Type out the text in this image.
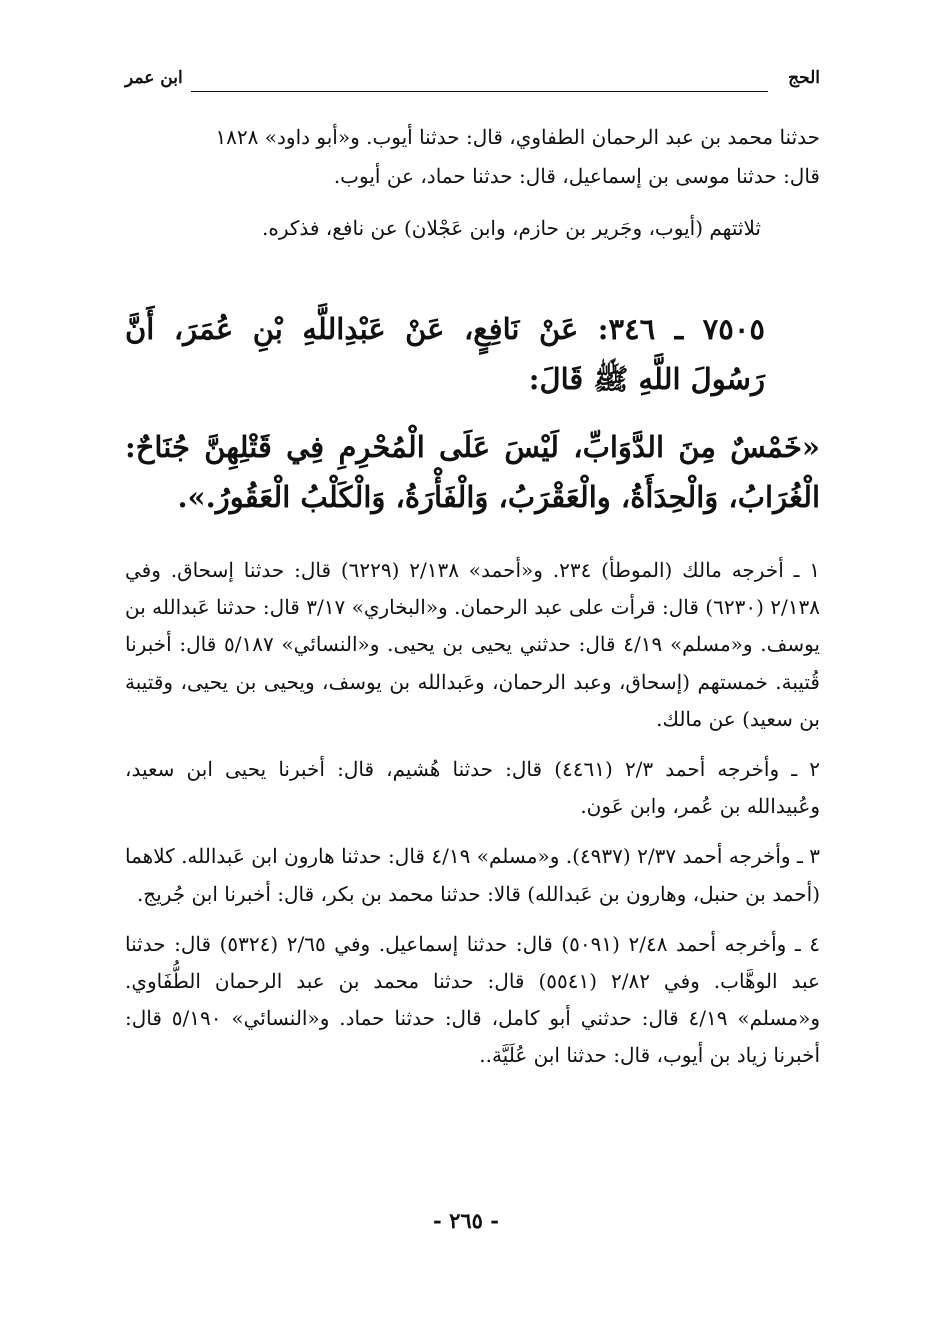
الحج
ابن عمر
حدثنا محمد بن عبد الرحمان الطفاوي، قال: حدثنا أيوب. و«أبو داود» ١٨٢٨
قال: حدثنا موسى بن إسماعيل، قال: حدثنا حماد، عن أيوب.
ثلاثتهم (أيوب، وجَرير بن حازم، وابن عَجْلان) عن نافع، فذكره.
٧٥٠٥ ـ ٣٤٦: عَنْ نَافِعٍ، عَنْ عَبْدِاللَّهِ بْنِ عُمَرَ، أَنَّ رَسُولَ اللَّهِ ﷺ قَالَ:
«خَمْسٌ مِنَ الدَّوَابِّ، لَيْسَ عَلَى الْمُحْرِمِ فِي قَتْلِهِنَّ جُنَاحٌ: الْغُرَابُ، وَالْحِدَأَةُ، والْعَقْرَبُ، وَالْفَأْرَةُ، وَالْكَلْبُ الْعَقُورُ.».

١ ـ أخرجه مالك (الموطأ) ٢٣٤. و«أحمد» ٢/١٣٨ (٦٢٢٩) قال: حدثنا إسحاق. وفي ٢/١٣٨ (٦٢٣٠) قال: قرأت على عبد الرحمان. و«البخاري» ٣/١٧ قال: حدثنا عَبدالله بن يوسف. و«مسلم» ٤/١٩ قال: حدثني يحيى بن يحيى. و«النسائي» ٥/١٨٧ قال: أخبرنا قُتيبة. خمستهم (إسحاق، وعبد الرحمان، وعَبدالله بن يوسف، ويحيى بن يحيى، وقتيبة بن سعيد) عن مالك.

٢ ـ وأخرجه أحمد ٢/٣ (٤٤٦١) قال: حدثنا هُشيم، قال: أخبرنا يحيى ابن سعيد، وعُبيدالله بن عُمر، وابن عَون.

٣ ـ وأخرجه أحمد ٢/٣٧ (٤٩٣٧). و«مسلم» ٤/١٩ قال: حدثنا هارون ابن عَبدالله. كلاهما (أحمد بن حنبل، وهارون بن عَبدالله) قالا: حدثنا محمد بن بكر، قال: أخبرنا ابن جُريج.

٤ ـ وأخرجه أحمد ٢/٤٨ (٥٠٩١) قال: حدثنا إسماعيل. وفي ٢/٦٥ (٥٣٢٤) قال: حدثنا عبد الوهَّاب. وفي ٢/٨٢ (٥٥٤١) قال: حدثنا محمد بن عبد الرحمان الطُّفَاوي. و«مسلم» ٤/١٩ قال: حدثني أبو كامل، قال: حدثنا حماد. و«النسائي» ٥/١٩٠ قال: أخبرنا زياد بن أيوب، قال: حدثنا ابن عُلَيَّة..

- ٢٦٥ -
